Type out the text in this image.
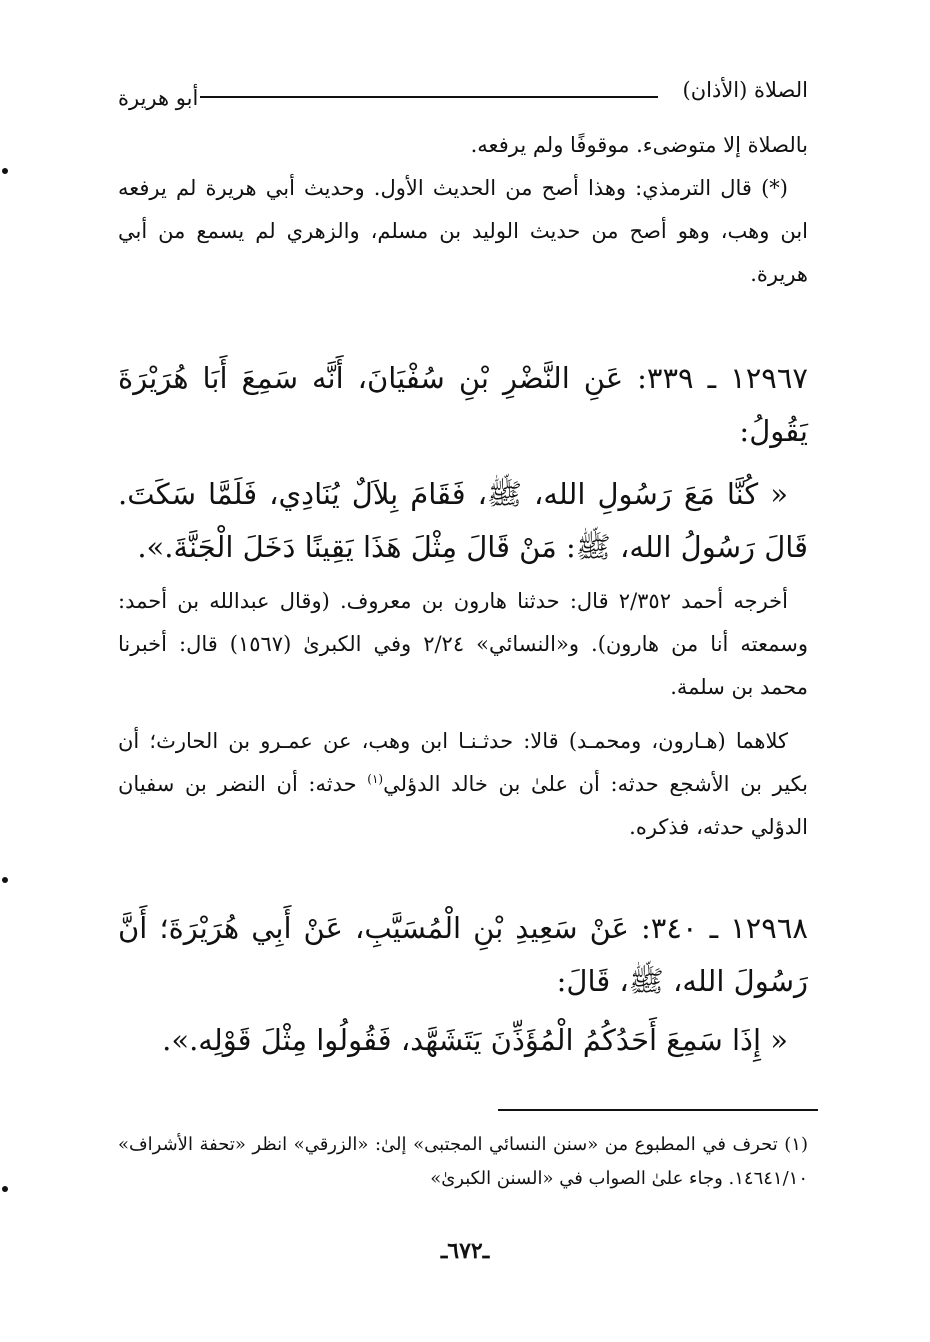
الصلاة (الأذان)
أبو هريرة
بالصلاة إلا متوضىء. موقوفًا ولم يرفعه.
(*) قال الترمذي: وهذا أصح من الحديث الأول. وحديث أبي هريرة لم يرفعه ابن وهب، وهو أصح من حديث الوليد بن مسلم، والزهري لم يسمع من أبي هريرة.
١٢٩٦٧ ـ ٣٣٩: عَنِ النَّضْرِ بْنِ سُفْيَانَ، أَنَّه سَمِعَ أَبَا هُرَيْرَةَ يَقُولُ:
« كُنَّا مَعَ رَسُولِ الله، ﷺ، فَقَامَ بِلاَلٌ يُنَادِي، فَلَمَّا سَكَتَ. قَالَ رَسُولُ الله، ﷺ: مَنْ قَالَ مِثْلَ هَذَا يَقِينًا دَخَلَ الْجَنَّةَ.».
أخرجه أحمد ٢/٣٥٢ قال: حدثنا هارون بن معروف. (وقال عبدالله بن أحمد: وسمعته أنا من هارون). و«النسائي» ٢/٢٤ وفي الكبرىٰ (١٥٦٧) قال: أخبرنا محمد بن سلمة.
كلاهما (هـارون، ومحمـد) قالا: حدثـنـا ابن وهب، عن عمـرو بن الحارث؛ أن بكير بن الأشجع حدثه: أن علىٰ بن خالد الدؤلي$^{(١)}$ حدثه: أن النضر بن سفيان الدؤلي حدثه، فذكره.
١٢٩٦٨ ـ ٣٤٠: عَنْ سَعِيدِ بْنِ الْمُسَيَّبِ، عَنْ أَبِي هُرَيْرَةَ؛ أَنَّ رَسُولَ الله، ﷺ، قَالَ:
« إِذَا سَمِعَ أَحَدُكُمُ الْمُؤَذِّنَ يَتَشَهَّد، فَقُولُوا مِثْلَ قَوْلِه.».
(١) تحرف في المطبوع من «سنن النسائي المجتبى» إلىٰ: «الزرقي» انظر «تحفة الأشراف» ١٤٦٤١/١٠. وجاء علىٰ الصواب في «السنن الكبرىٰ»
ـ٦٧٢ـ
